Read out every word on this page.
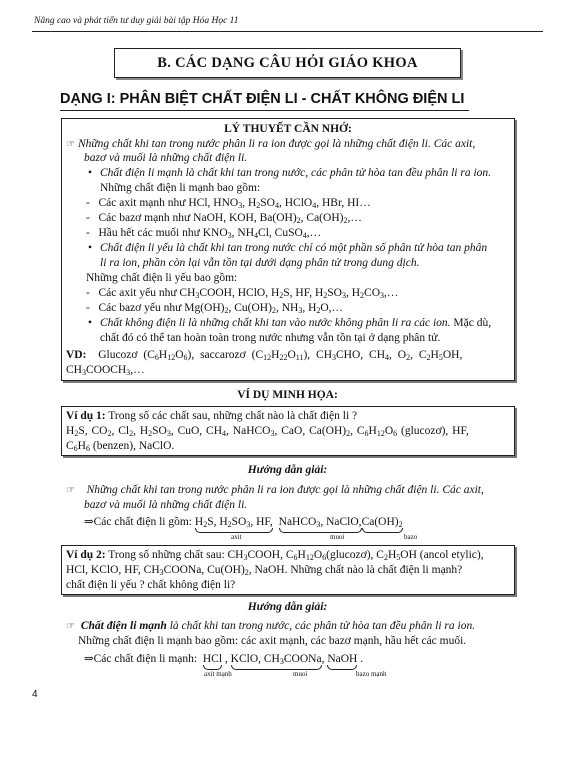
Nâng cao và phát tiển tư duy giải bài tập Hóa Học 11
B. CÁC DẠNG CÂU HỎI GIÁO KHOA
DẠNG I: PHÂN BIỆT CHẤT ĐIỆN LI - CHẤT KHÔNG ĐIỆN LI
LÝ THUYẾT CẦN NHỚ:
☞ Những chất khi tan trong nước phân li ra ion được gọi là những chất điện li. Các axit,
bazơ và muối là những chất điện li.
• Chất điện li mạnh là chất khi tan trong nước, các phân tử hòa tan đều phân li ra ion.
Những chất điện li mạnh bao gồm:
-   Các axit mạnh như HCl, $HNO_3$, $H_2SO_4$, HClO$_4$, HBr, HI…
-   Các bazơ mạnh như NaOH, KOH, $Ba(OH)_2$, $Ca(OH)_2,\dots$
-   Hầu hết các muối như $KNO_3$, $NH_4Cl$, CuSO$_4$,…
• Chất điện li yếu là chất khi tan trong nước chỉ có một phần số phân tử hòa tan phân
li ra ion, phần còn lại vẫn tồn tại dưới dạng phân tử trong dung dịch.
Những chất điện li yếu bao gồm:
-   Các axit yếu như $CH_3COOH$, HClO, $H_2S$, HF, $H_2SO_3$, $H_2CO_3,\dots$
-   Các bazơ yếu như $Mg(OH)_2$, $Cu(OH)_2$, $NH_3$, $H_2O,\dots$
• Chất không điện li là những chất khi tan vào nước không phân li ra các ion. Mặc dù,
chất đó có thể tan hoàn toàn trong nước nhưng vẫn tồn tại ở dạng phân tử.
VD: Glucozơ $(C_6H_{12}O_6)$, saccarozơ $(C_{12}H_{22}O_{11})$, $CH_3CHO$, $CH_4$, $O_2$, $C_2H_5OH$,
$CH_3COOCH_3,\dots$
VÍ DỤ MINH HỌA:
Ví dụ 1: Trong số các chất sau, những chất nào là chất điện li ?
$H_2S$, $CO_2$, $Cl_2$, $H_2SO_3$, CuO, $CH_4$, NaHCO$_3$, CaO, $Ca(OH)_2$, $C_6H_{12}O_6$ (glucozơ), HF,
$C_6H_6$ (benzen), NaClO.
Hướng dẫn giải:
☞ Những chất khi tan trong nước phân li ra ion được gọi là những chất điện li. Các axit,
bazơ và muối là những chất điện li.
⇒Các chất điện li gồm: $H_2S$, $H_2SO_3$, HF, NaHCO$_3$, $NaClO,Ca(OH)_2$
axit	muoi	bazo
Ví dụ 2: Trong số những chất sau: $CH_3COOH$, $C_6H_{12}O_6(glucozơ)$, $C_2H_5OH$ (ancol etylic),
HCl, KClO, HF, $CH_3COONa$, $Cu(OH)_2$, NaOH. Những chất nào là chất điện li mạnh?
chất điện li yếu ? chất không điện li?
Hướng dẫn giải:
☞ Chất điện li mạnh là chất khi tan trong nước, các phân tử hòa tan đều phân li ra ion.
Những chất điện li mạnh bao gồm: các axit mạnh, các bazơ mạnh, hầu hết các muối.
⇒Các chất điện li mạnh: HCl , KClO, $CH_3COONa$, NaOH .
axit mạnh	muoi	bazo mạnh
4
